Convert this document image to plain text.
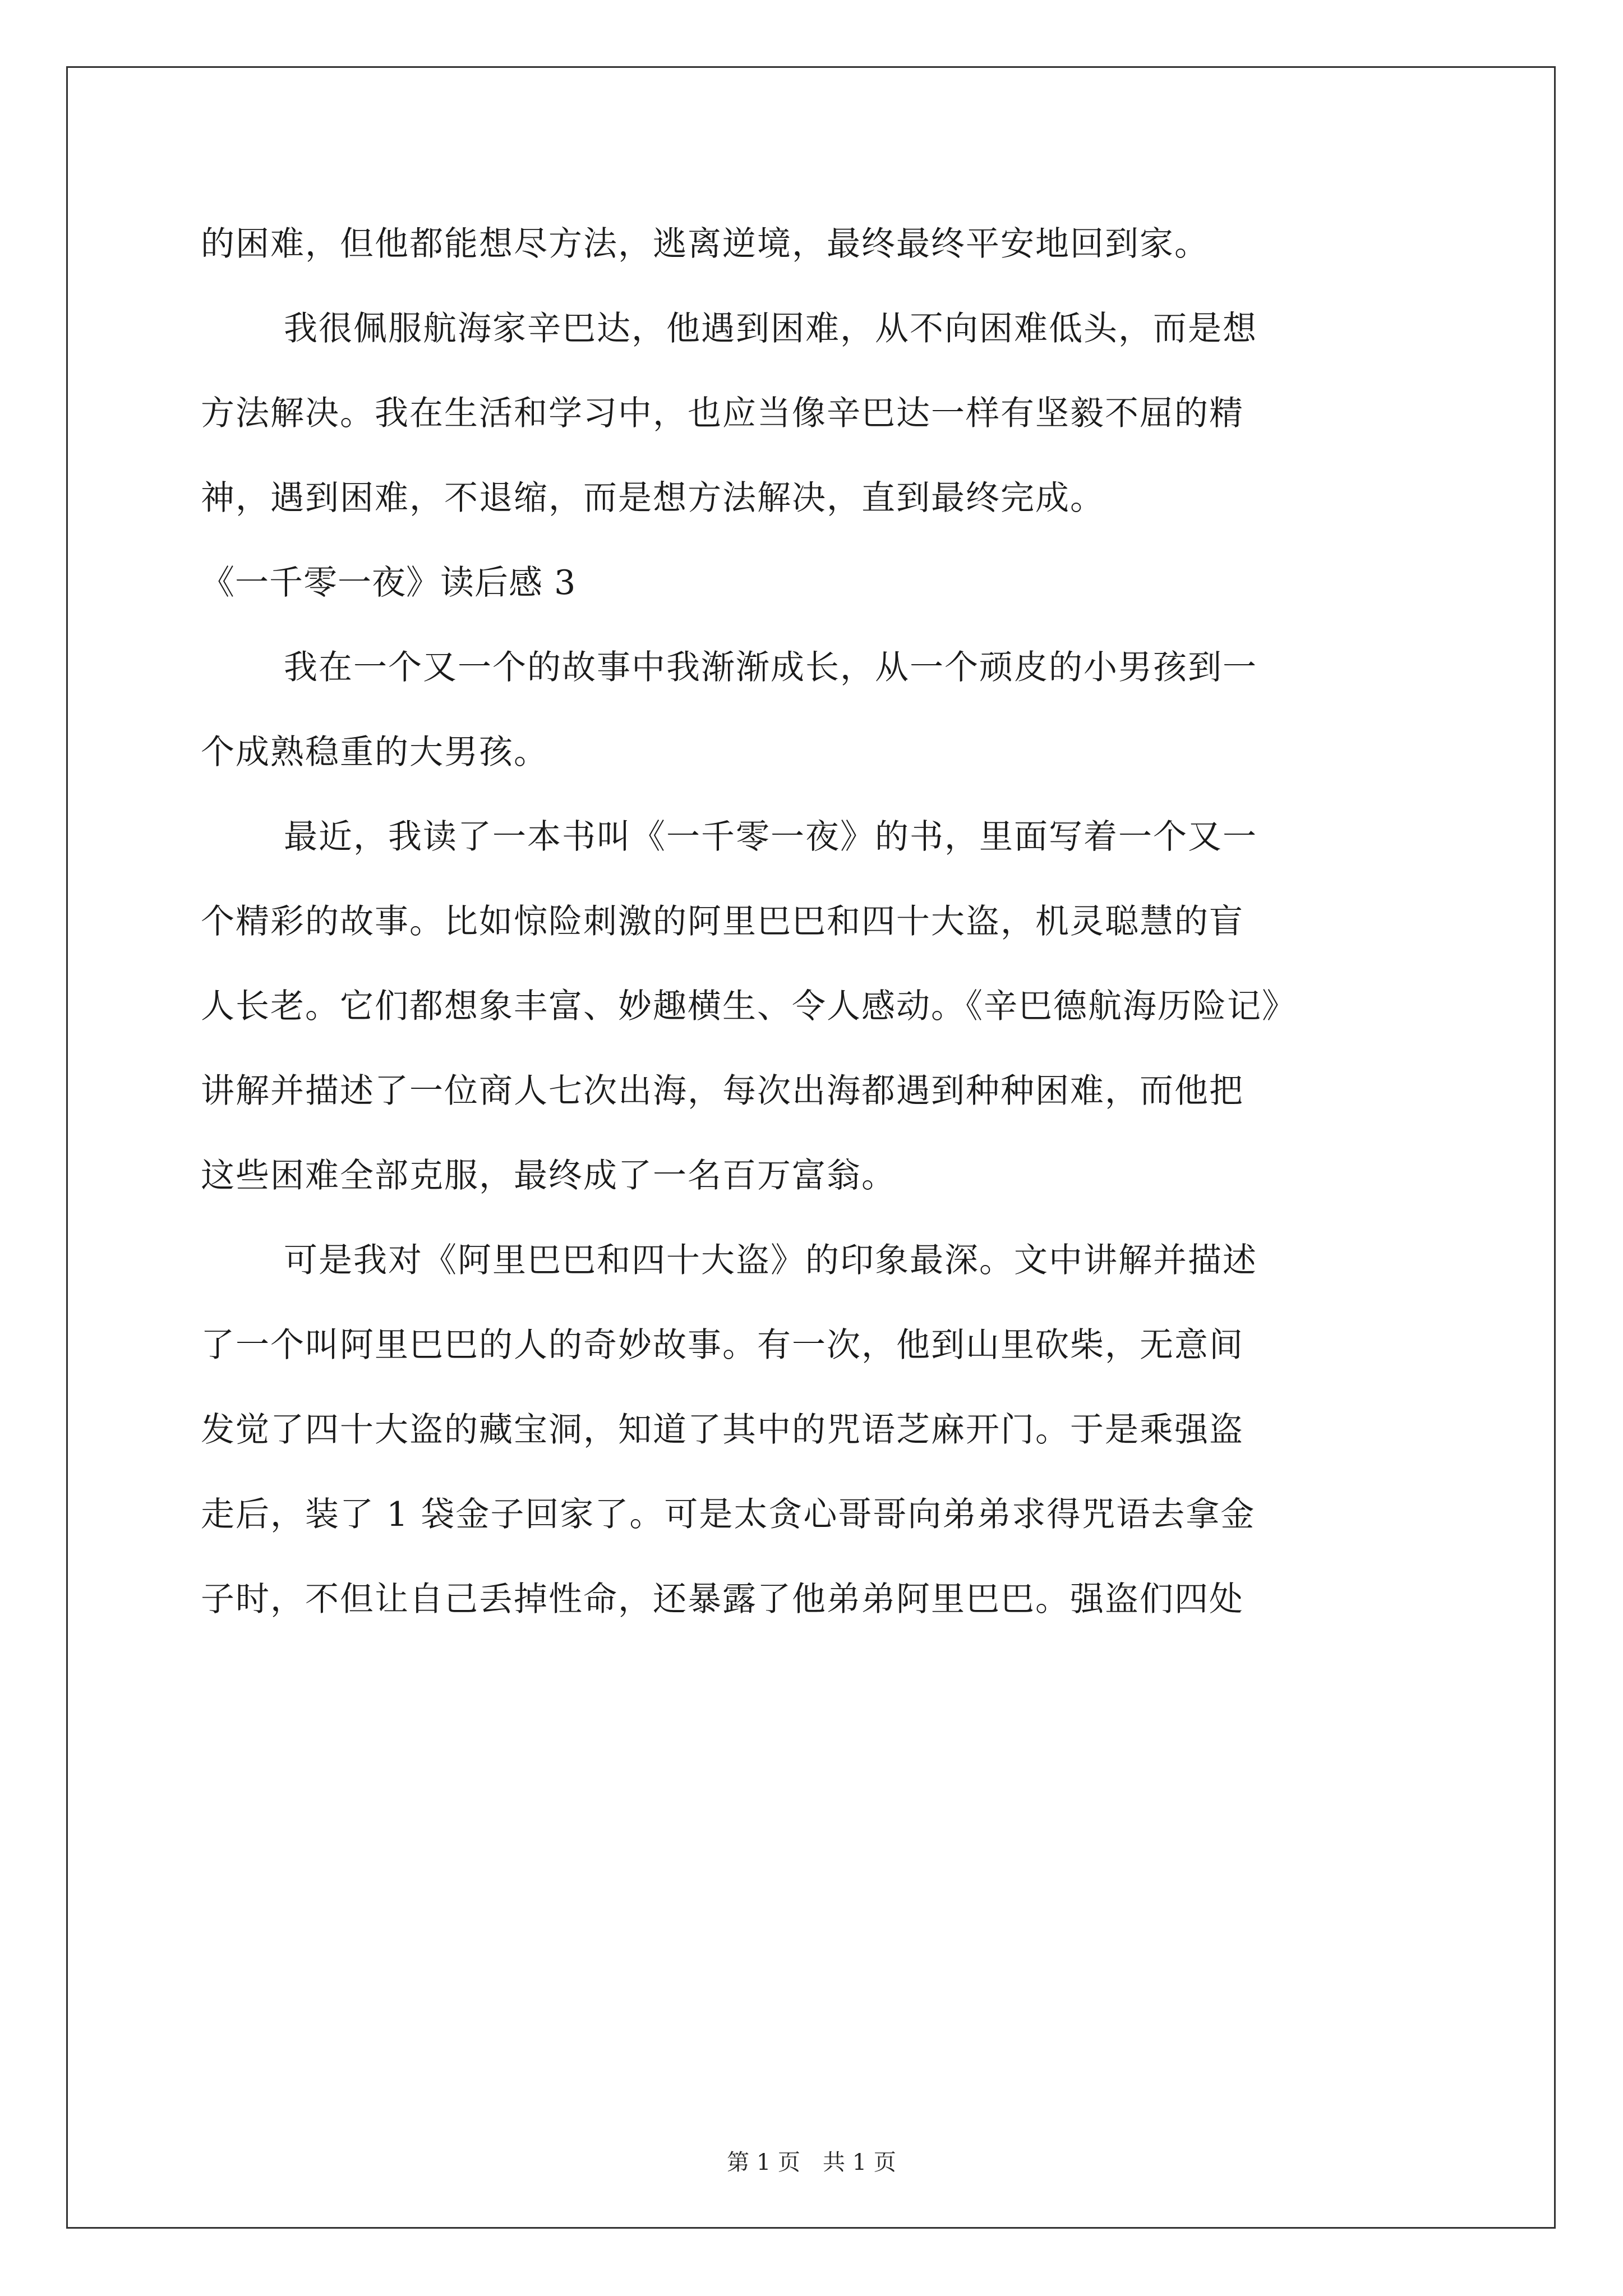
的困难，但他都能想尽方法，逃离逆境，最终最终平安地回到家。
我很佩服航海家辛巴达，他遇到困难，从不向困难低头，而是想
方法解决。我在生活和学习中，也应当像辛巴达一样有坚毅不屈的精
神，遇到困难，不退缩，而是想方法解决，直到最终完成。
《一千零一夜》读后感 3
我在一个又一个的故事中我渐渐成长，从一个顽皮的小男孩到一
个成熟稳重的大男孩。
最近，我读了一本书叫《一千零一夜》的书，里面写着一个又一
个精彩的故事。比如惊险刺激的阿里巴巴和四十大盗，机灵聪慧的盲
人长老。它们都想象丰富、妙趣横生、令人感动。《辛巴德航海历险记》
讲解并描述了一位商人七次出海，每次出海都遇到种种困难，而他把
这些困难全部克服，最终成了一名百万富翁。
可是我对《阿里巴巴和四十大盗》的印象最深。文中讲解并描述
了一个叫阿里巴巴的人的奇妙故事。有一次，他到山里砍柴，无意间
发觉了四十大盗的藏宝洞，知道了其中的咒语芝麻开门。于是乘强盗
走后，装了 1 袋金子回家了。可是太贪心哥哥向弟弟求得咒语去拿金
子时，不但让自己丢掉性命，还暴露了他弟弟阿里巴巴。强盗们四处
第 1 页　共 1 页
